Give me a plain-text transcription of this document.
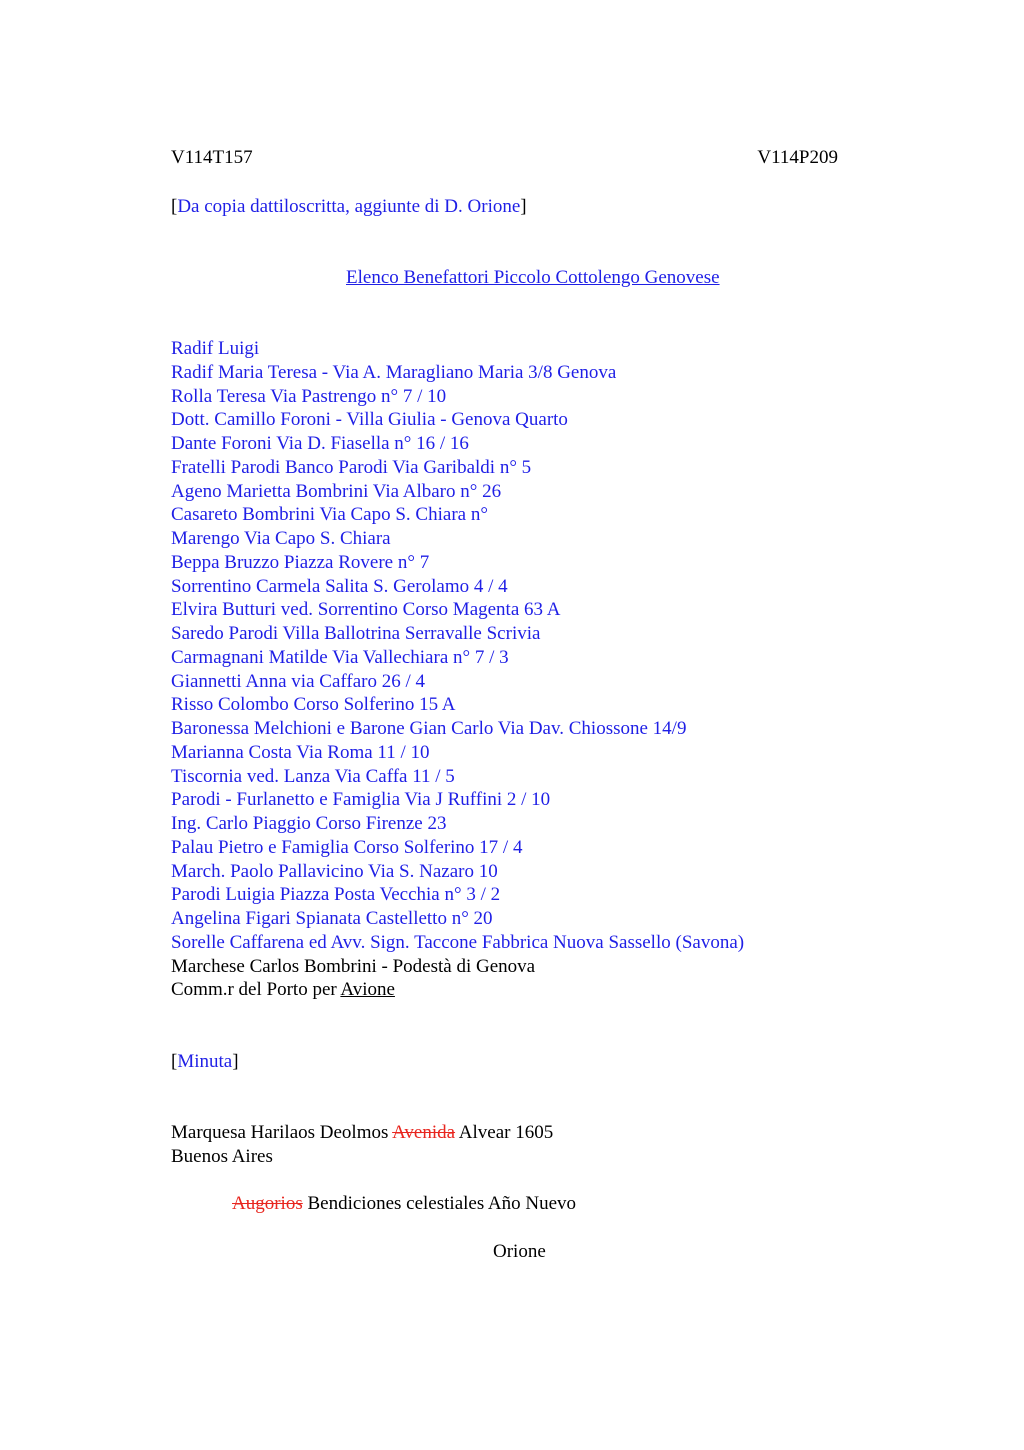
V114T157	V114P209
[Da copia dattiloscritta, aggiunte di D. Orione]
Elenco Benefattori Piccolo Cottolengo Genovese
Radif Luigi
Radif Maria Teresa - Via A. Maragliano Maria 3/8 Genova
Rolla Teresa Via Pastrengo n° 7 / 10
Dott. Camillo Foroni - Villa Giulia - Genova Quarto
Dante Foroni Via D. Fiasella n° 16 / 16
Fratelli Parodi Banco Parodi Via Garibaldi n° 5
Ageno Marietta Bombrini Via Albaro n° 26
Casareto Bombrini Via Capo S. Chiara n°
Marengo Via Capo S. Chiara
Beppa Bruzzo Piazza Rovere n° 7
Sorrentino Carmela Salita S. Gerolamo 4 / 4
Elvira Butturi ved. Sorrentino Corso Magenta 63 A
Saredo Parodi Villa Ballotrina Serravalle Scrivia
Carmagnani Matilde Via Vallechiara n° 7 / 3
Giannetti Anna via Caffaro 26 / 4
Risso Colombo Corso Solferino 15 A
Baronessa Melchioni e Barone Gian Carlo Via Dav. Chiossone 14/9
Marianna Costa Via Roma 11 / 10
Tiscornia ved. Lanza Via Caffa 11 / 5
Parodi - Furlanetto e Famiglia Via J Ruffini 2 / 10
Ing. Carlo Piaggio Corso Firenze 23
Palau Pietro e Famiglia Corso Solferino 17 / 4
March. Paolo Pallavicino Via S. Nazaro 10
Parodi Luigia Piazza Posta Vecchia n° 3 / 2
Angelina Figari Spianata Castelletto n° 20
Sorelle Caffarena ed Avv. Sign. Taccone Fabbrica Nuova Sassello (Savona)
Marchese Carlos Bombrini - Podestà di Genova
Comm.r del Porto per Avione
[Minuta]
Marquesa Harilaos Deolmos Avenida Alvear 1605
Buenos Aires
Augorios Bendiciones celestiales Año Nuevo
Orione
